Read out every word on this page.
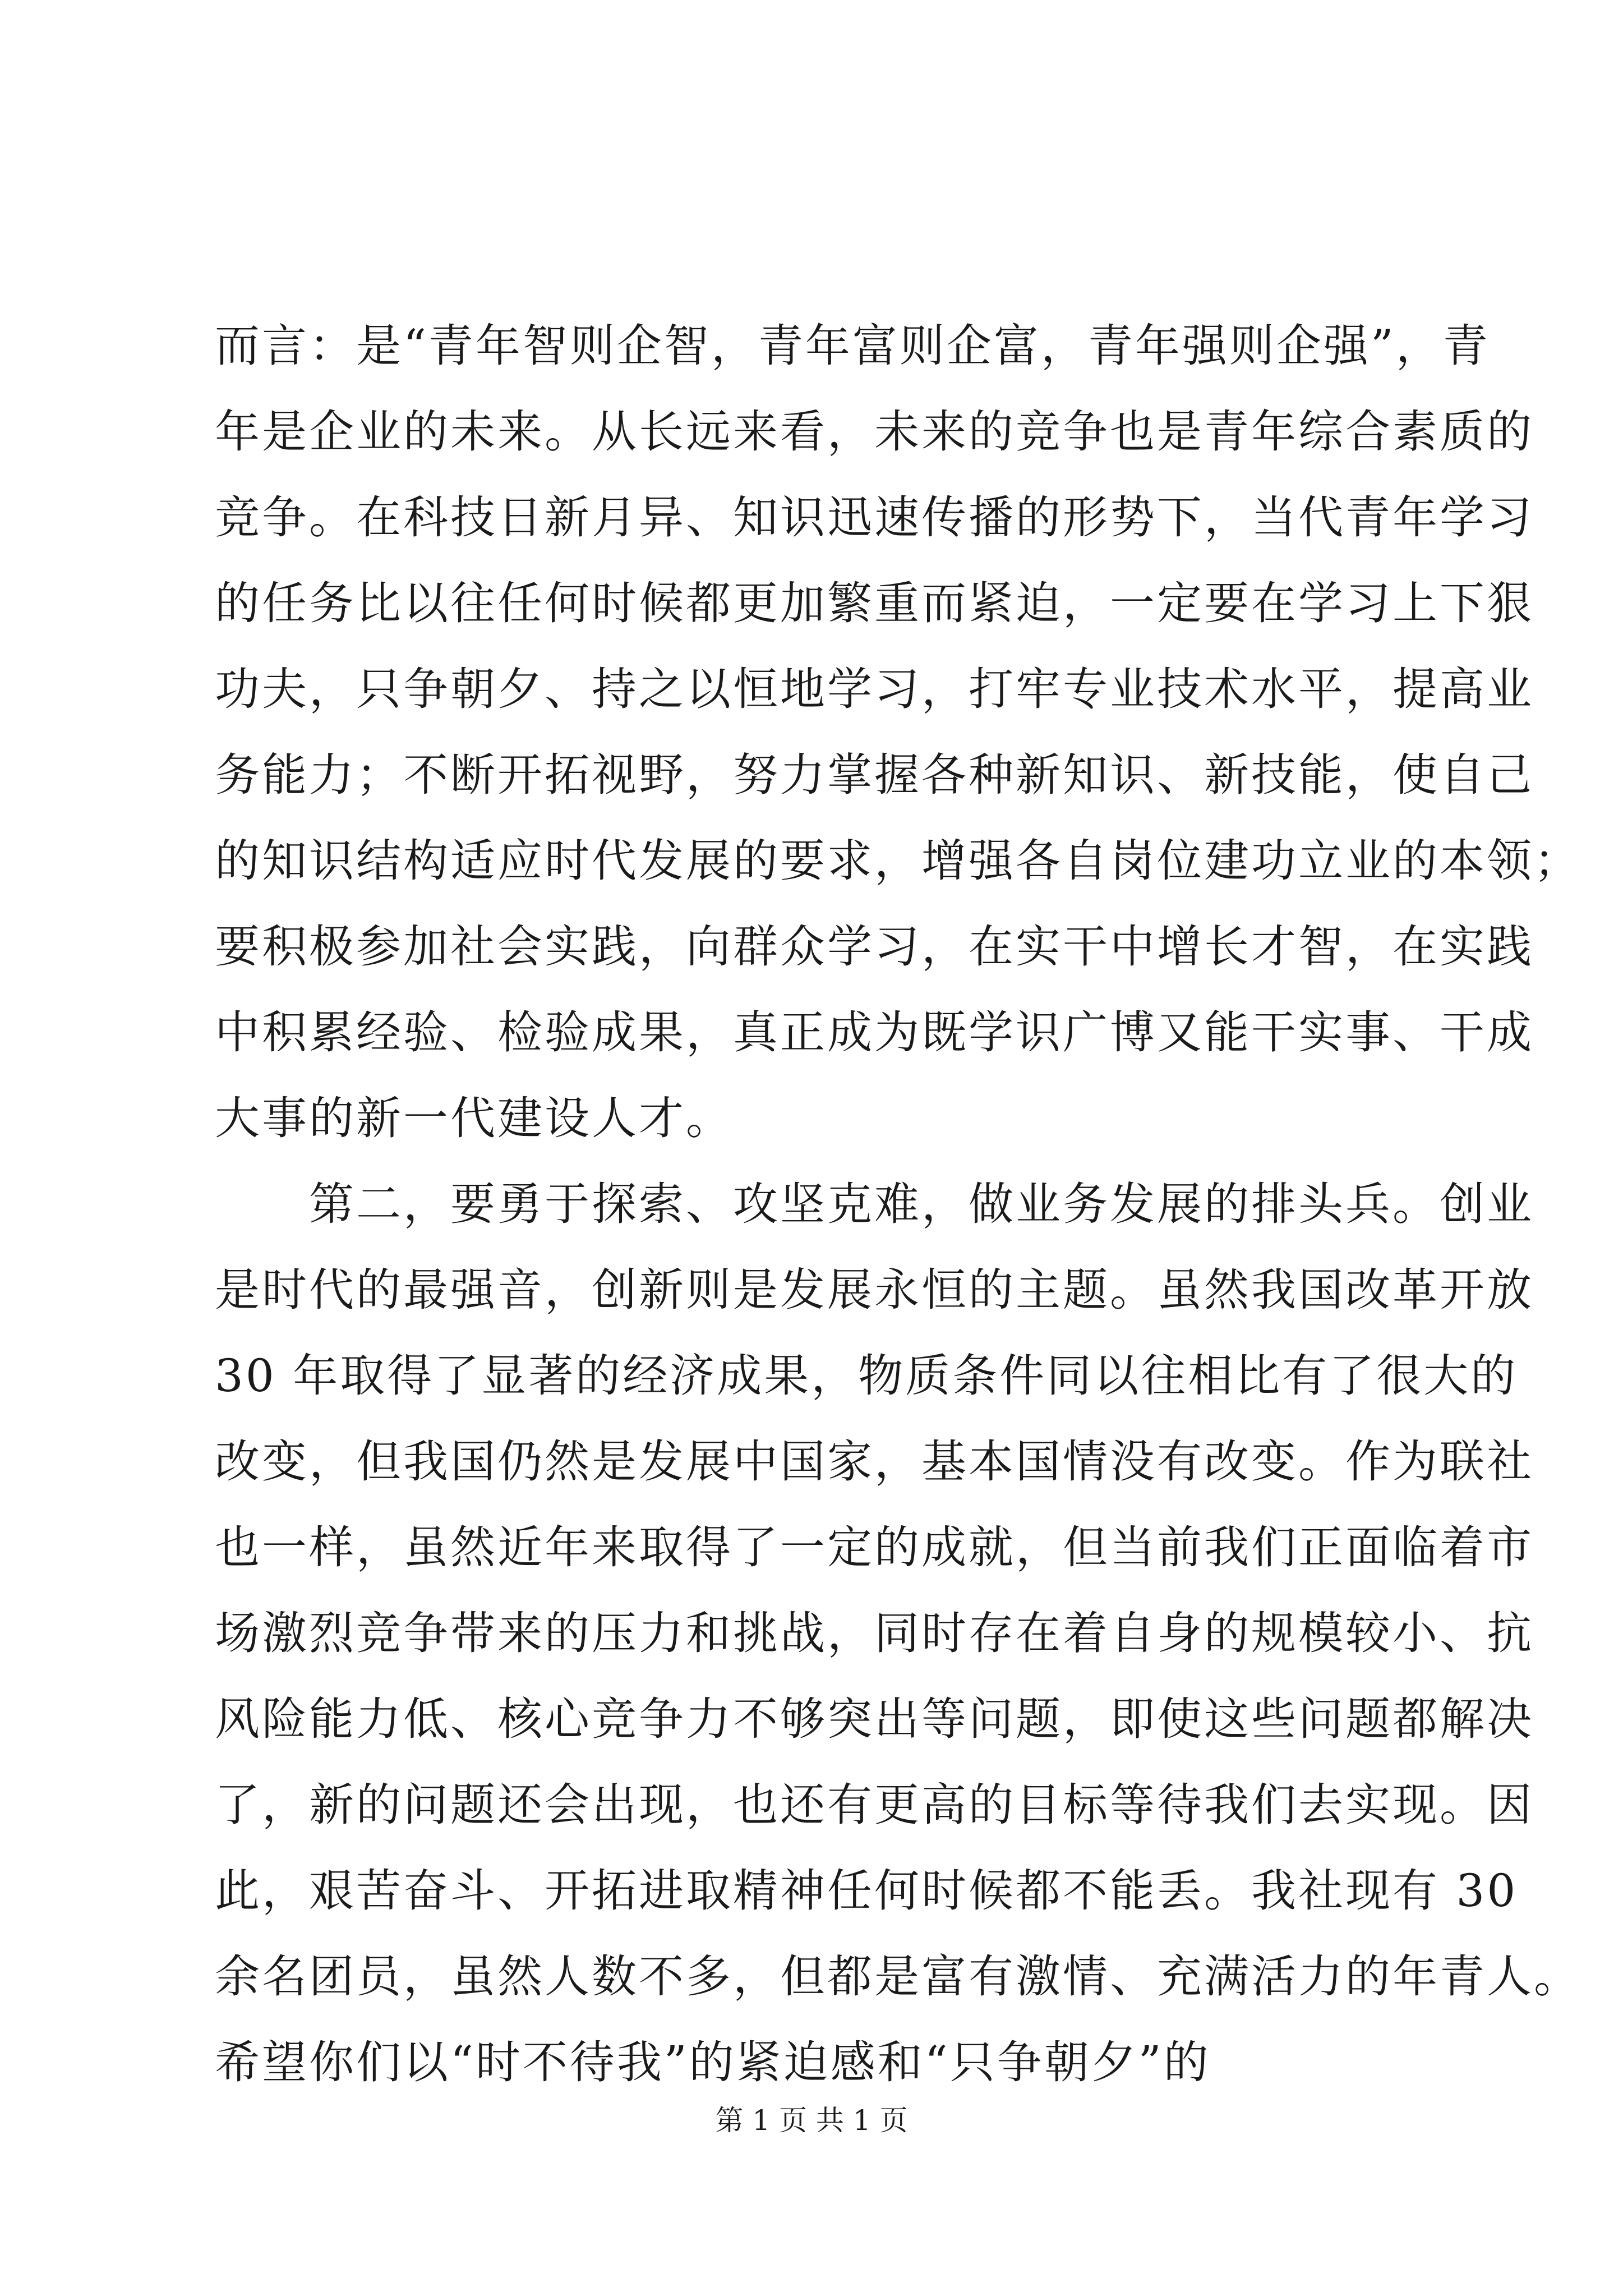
而言：是“青年智则企智，青年富则企富，青年强则企强”，青
年是企业的未来。从长远来看，未来的竞争也是青年综合素质的
竞争。在科技日新月异、知识迅速传播的形势下，当代青年学习
的任务比以往任何时候都更加繁重而紧迫，一定要在学习上下狠
功夫，只争朝夕、持之以恒地学习，打牢专业技术水平，提高业
务能力；不断开拓视野，努力掌握各种新知识、新技能，使自己
的知识结构适应时代发展的要求，增强各自岗位建功立业的本领；
要积极参加社会实践，向群众学习，在实干中增长才智，在实践
中积累经验、检验成果，真正成为既学识广博又能干实事、干成
大事的新一代建设人才。
　　第二，要勇于探索、攻坚克难，做业务发展的排头兵。创业
是时代的最强音，创新则是发展永恒的主题。虽然我国改革开放
30 年取得了显著的经济成果，物质条件同以往相比有了很大的
改变，但我国仍然是发展中国家，基本国情没有改变。作为联社
也一样，虽然近年来取得了一定的成就，但当前我们正面临着市
场激烈竞争带来的压力和挑战，同时存在着自身的规模较小、抗
风险能力低、核心竞争力不够突出等问题，即使这些问题都解决
了，新的问题还会出现，也还有更高的目标等待我们去实现。因
此，艰苦奋斗、开拓进取精神任何时候都不能丢。我社现有 30
余名团员，虽然人数不多，但都是富有激情、充满活力的年青人。
希望你们以“时不待我”的紧迫感和“只争朝夕”的
第 1 页 共 1 页
